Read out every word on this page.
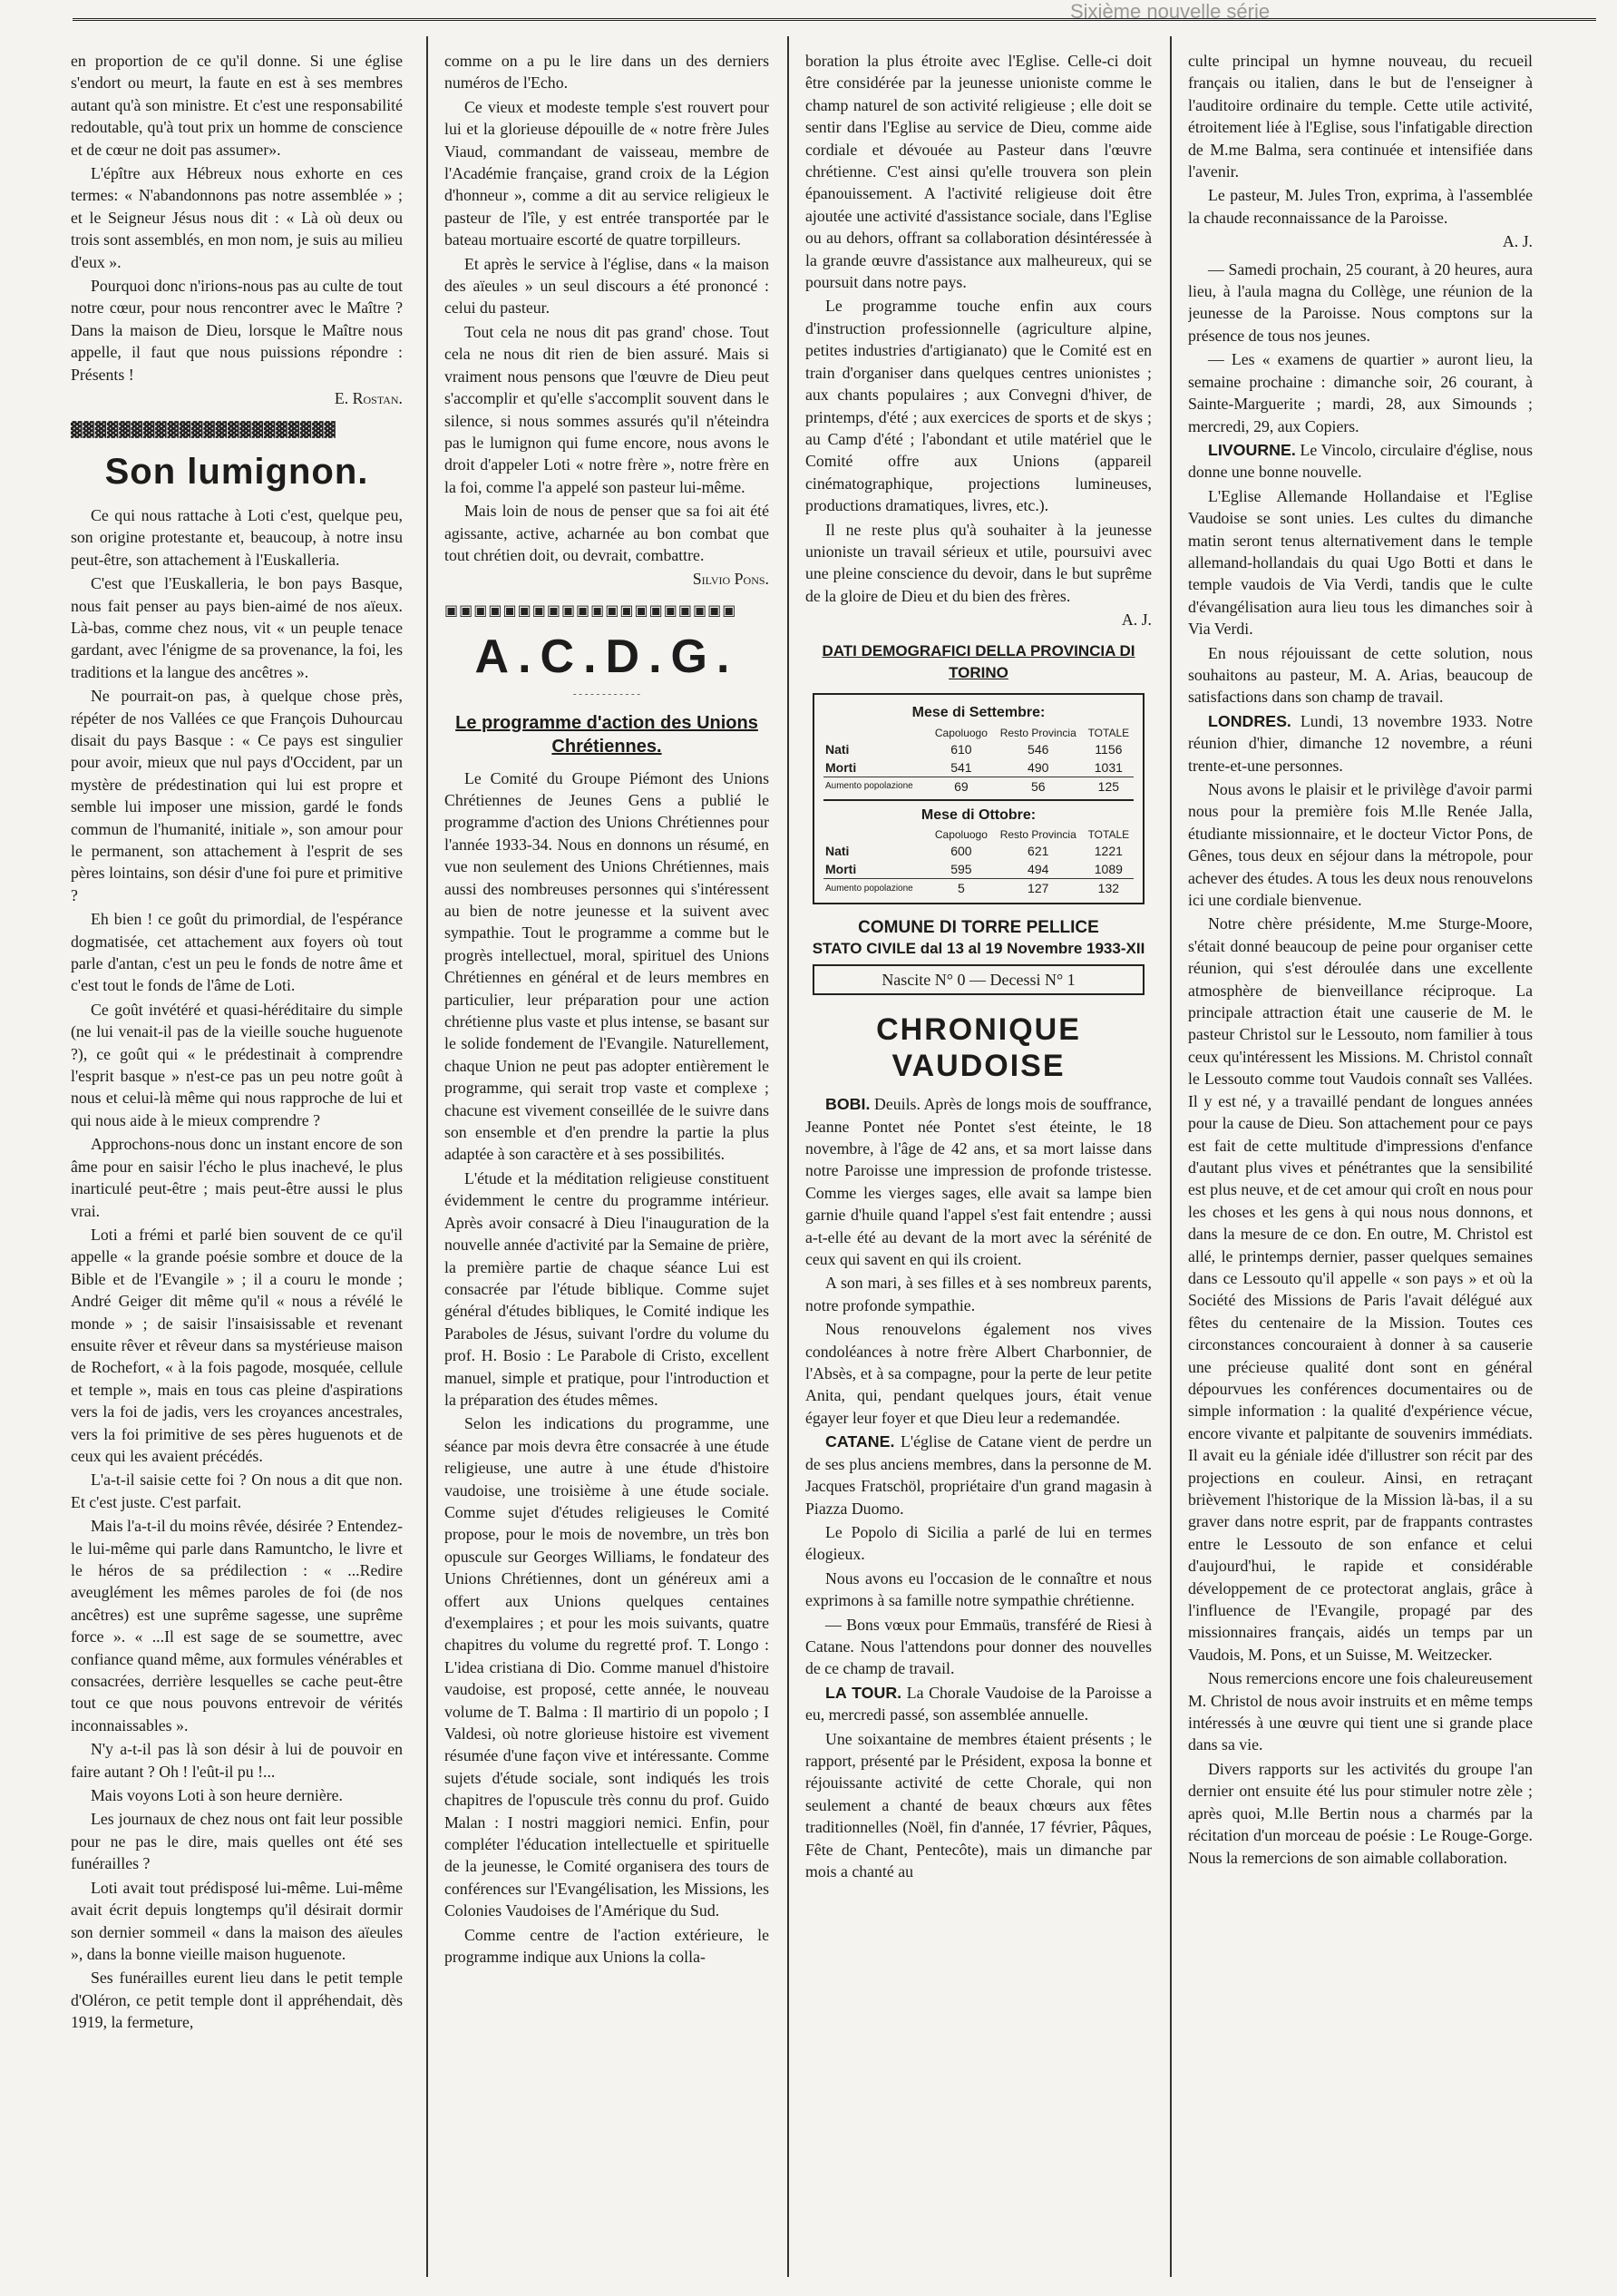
Sixième nouvelle série

en proportion de ce qu'il donne. Si une église s'endort ou meurt, la faute en est à ses membres autant qu'à son ministre. Et c'est une responsabilité redoutable, qu'à tout prix un homme de conscience et de cœur ne doit pas assumer».

L'épître aux Hébreux nous exhorte en ces termes: « N'abandonnons pas notre assemblée » ; et le Seigneur Jésus nous dit : « Là où deux ou trois sont assemblés, en mon nom, je suis au milieu d'eux ».

Pourquoi donc n'irions-nous pas au culte de tout notre cœur, pour nous rencontrer avec le Maître ? Dans la maison de Dieu, lorsque le Maître nous appelle, il faut que nous puissions répondre : Présents !

E. Rostan.
▓▓▓▓▓▓▓▓▓▓▓▓▓▓▓▓▓▓▓▓▓▓
Son lumignon.

Ce qui nous rattache à Loti c'est, quelque peu, son origine protestante et, beaucoup, à notre insu peut-être, son attachement à l'Euskalleria.

C'est que l'Euskalleria, le bon pays Basque, nous fait penser au pays bien-aimé de nos aïeux. Là-bas, comme chez nous, vit « un peuple tenace gardant, avec l'énigme de sa provenance, la foi, les traditions et la langue des ancêtres ».

Ne pourrait-on pas, à quelque chose près, répéter de nos Vallées ce que François Duhourcau disait du pays Basque : « Ce pays est singulier pour avoir, mieux que nul pays d'Occident, par un mystère de prédestination qui lui est propre et semble lui imposer une mission, gardé le fonds commun de l'humanité, initiale », son amour pour le permanent, son attachement à l'esprit de ses pères lointains, son désir d'une foi pure et primitive ?

Eh bien ! ce goût du primordial, de l'espérance dogmatisée, cet attachement aux foyers où tout parle d'antan, c'est un peu le fonds de notre âme et c'est tout le fonds de l'âme de Loti.

Ce goût invétéré et quasi-héréditaire du simple (ne lui venait-il pas de la vieille souche huguenote ?), ce goût qui « le prédestinait à comprendre l'esprit basque » n'est-ce pas un peu notre goût à nous et celui-là même qui nous rapproche de lui et qui nous aide à le mieux comprendre ?

Approchons-nous donc un instant encore de son âme pour en saisir l'écho le plus inachevé, le plus inarticulé peut-être ; mais peut-être aussi le plus vrai.

Loti a frémi et parlé bien souvent de ce qu'il appelle « la grande poésie sombre et douce de la Bible et de l'Evangile » ; il a couru le monde ; André Geiger dit même qu'il « nous a révélé le monde » ; de saisir l'insaisissable et revenant ensuite rêver et rêveur dans sa mystérieuse maison de Rochefort, « à la fois pagode, mosquée, cellule et temple », mais en tous cas pleine d'aspirations vers la foi de jadis, vers les croyances ancestrales, vers la foi primitive de ses pères huguenots et de ceux qui les avaient précédés.

L'a-t-il saisie cette foi ? On nous a dit que non. Et c'est juste. C'est parfait.

Mais l'a-t-il du moins rêvée, désirée ? Entendez-le lui-même qui parle dans Ramuntcho, le livre et le héros de sa prédilection : « ...Redire aveuglément les mêmes paroles de foi (de nos ancêtres) est une suprême sagesse, une suprême force ». « ...Il est sage de se soumettre, avec confiance quand même, aux formules vénérables et consacrées, derrière lesquelles se cache peut-être tout ce que nous pouvons entrevoir de vérités inconnaissables ».

N'y a-t-il pas là son désir à lui de pouvoir en faire autant ? Oh ! l'eût-il pu !...

Mais voyons Loti à son heure dernière.

Les journaux de chez nous ont fait leur possible pour ne pas le dire, mais quelles ont été ses funérailles ?

Loti avait tout prédisposé lui-même. Lui-même avait écrit depuis longtemps qu'il désirait dormir son dernier sommeil « dans la maison des aïeules », dans la bonne vieille maison huguenote.

Ses funérailles eurent lieu dans le petit temple d'Oléron, ce petit temple dont il appréhendait, dès 1919, la fermeture,

comme on a pu le lire dans un des derniers numéros de l'Echo.

Ce vieux et modeste temple s'est rouvert pour lui et la glorieuse dépouille de « notre frère Jules Viaud, commandant de vaisseau, membre de l'Académie française, grand croix de la Légion d'honneur », comme a dit au service religieux le pasteur de l'île, y est entrée transportée par le bateau mortuaire escorté de quatre torpilleurs.

Et après le service à l'église, dans « la maison des aïeules » un seul discours a été prononcé : celui du pasteur.

Tout cela ne nous dit pas grand' chose. Tout cela ne nous dit rien de bien assuré. Mais si vraiment nous pensons que l'œuvre de Dieu peut s'accomplir et qu'elle s'accomplit souvent dans le silence, si nous sommes assurés qu'il n'éteindra pas le lumignon qui fume encore, nous avons le droit d'appeler Loti « notre frère », notre frère en la foi, comme l'a appelé son pasteur lui-même.

Mais loin de nous de penser que sa foi ait été agissante, active, acharnée au bon combat que tout chrétien doit, ou devrait, combattre.

Silvio Pons.
▣▣▣▣▣▣▣▣▣▣▣▣▣▣▣▣▣▣▣▣
A.C.D.G.
- - - - - - - - - - - -
Le programme d'action des Unions Chrétiennes.

Le Comité du Groupe Piémont des Unions Chrétiennes de Jeunes Gens a publié le programme d'action des Unions Chrétiennes pour l'année 1933-34. Nous en donnons un résumé, en vue non seulement des Unions Chrétiennes, mais aussi des nombreuses personnes qui s'intéressent au bien de notre jeunesse et la suivent avec sympathie. Tout le programme a comme but le progrès intellectuel, moral, spirituel des Unions Chrétiennes en général et de leurs membres en particulier, leur préparation pour une action chrétienne plus vaste et plus intense, se basant sur le solide fondement de l'Evangile. Naturellement, chaque Union ne peut pas adopter entièrement le programme, qui serait trop vaste et complexe ; chacune est vivement conseillée de le suivre dans son ensemble et d'en prendre la partie la plus adaptée à son caractère et à ses possibilités.

L'étude et la méditation religieuse constituent évidemment le centre du programme intérieur. Après avoir consacré à Dieu l'inauguration de la nouvelle année d'activité par la Semaine de prière, la première partie de chaque séance Lui est consacrée par l'étude biblique. Comme sujet général d'études bibliques, le Comité indique les Paraboles de Jésus, suivant l'ordre du volume du prof. H. Bosio : Le Parabole di Cristo, excellent manuel, simple et pratique, pour l'introduction et la préparation des études mêmes.

Selon les indications du programme, une séance par mois devra être consacrée à une étude religieuse, une autre à une étude d'histoire vaudoise, une troisième à une étude sociale. Comme sujet d'études religieuses le Comité propose, pour le mois de novembre, un très bon opuscule sur Georges Williams, le fondateur des Unions Chrétiennes, dont un généreux ami a offert aux Unions quelques centaines d'exemplaires ; et pour les mois suivants, quatre chapitres du volume du regretté prof. T. Longo : L'idea cristiana di Dio. Comme manuel d'histoire vaudoise, est proposé, cette année, le nouveau volume de T. Balma : Il martirio di un popolo ; I Valdesi, où notre glorieuse histoire est vivement résumée d'une façon vive et intéressante. Comme sujets d'étude sociale, sont indiqués les trois chapitres de l'opuscule très connu du prof. Guido Malan : I nostri maggiori nemici. Enfin, pour compléter l'éducation intellectuelle et spirituelle de la jeunesse, le Comité organisera des tours de conférences sur l'Evangélisation, les Missions, les Colonies Vaudoises de l'Amérique du Sud.

Comme centre de l'action extérieure, le programme indique aux Unions la colla-

boration la plus étroite avec l'Eglise. Celle-ci doit être considérée par la jeunesse unioniste comme le champ naturel de son activité religieuse ; elle doit se sentir dans l'Eglise au service de Dieu, comme aide cordiale et dévouée au Pasteur dans l'œuvre chrétienne. C'est ainsi qu'elle trouvera son plein épanouissement. A l'activité religieuse doit être ajoutée une activité d'assistance sociale, dans l'Eglise ou au dehors, offrant sa collaboration désintéressée à la grande œuvre d'assistance aux malheureux, qui se poursuit dans notre pays.

Le programme touche enfin aux cours d'instruction professionnelle (agriculture alpine, petites industries d'artigianato) que le Comité est en train d'organiser dans quelques centres unionistes ; aux chants populaires ; aux Convegni d'hiver, de printemps, d'été ; aux exercices de sports et de skys ; au Camp d'été ; l'abondant et utile matériel que le Comité offre aux Unions (appareil cinématographique, projections lumineuses, productions dramatiques, livres, etc.).

Il ne reste plus qu'à souhaiter à la jeunesse unioniste un travail sérieux et utile, poursuivi avec une pleine conscience du devoir, dans le but suprême de la gloire de Dieu et du bien des frères.

A. J.
DATI DEMOGRAFICI DELLA PROVINCIA DI TORINO
Mese di Settembre:
	Capoluogo	Resto Provincia	TOTALE
Nati	610	546	1156
Morti	541	490	1031
Aumento popolazione	69	56	125
Mese di Ottobre:
	Capoluogo	Resto Provincia	TOTALE
Nati	600	621	1221
Morti	595	494	1089
Aumento popolazione	5	127	132
COMUNE DI TORRE PELLICE
STATO CIVILE dal 13 al 19 Novembre 1933-XII
Nascite N° 0 — Decessi N° 1
CHRONIQUE VAUDOISE

BOBI. Deuils. Après de longs mois de souffrance, Jeanne Pontet née Pontet s'est éteinte, le 18 novembre, à l'âge de 42 ans, et sa mort laisse dans notre Paroisse une impression de profonde tristesse. Comme les vierges sages, elle avait sa lampe bien garnie d'huile quand l'appel s'est fait entendre ; aussi a-t-elle été au devant de la mort avec la sérénité de ceux qui savent en qui ils croient.

A son mari, à ses filles et à ses nombreux parents, notre profonde sympathie.

Nous renouvelons également nos vives condoléances à notre frère Albert Charbonnier, de l'Absès, et à sa compagne, pour la perte de leur petite Anita, qui, pendant quelques jours, était venue égayer leur foyer et que Dieu leur a redemandée.

CATANE. L'église de Catane vient de perdre un de ses plus anciens membres, dans la personne de M. Jacques Fratschöl, propriétaire d'un grand magasin à Piazza Duomo.

Le Popolo di Sicilia a parlé de lui en termes élogieux.

Nous avons eu l'occasion de le connaître et nous exprimons à sa famille notre sympathie chrétienne.

— Bons vœux pour Emmaüs, transféré de Riesi à Catane. Nous l'attendons pour donner des nouvelles de ce champ de travail.

LA TOUR. La Chorale Vaudoise de la Paroisse a eu, mercredi passé, son assemblée annuelle.

Une soixantaine de membres étaient présents ; le rapport, présenté par le Président, exposa la bonne et réjouissante activité de cette Chorale, qui non seulement a chanté de beaux chœurs aux fêtes traditionnelles (Noël, fin d'année, 17 février, Pâques, Fête de Chant, Pentecôte), mais un dimanche par mois a chanté au

culte principal un hymne nouveau, du recueil français ou italien, dans le but de l'enseigner à l'auditoire ordinaire du temple. Cette utile activité, étroitement liée à l'Eglise, sous l'infatigable direction de M.me Balma, sera continuée et intensifiée dans l'avenir.

Le pasteur, M. Jules Tron, exprima, à l'assemblée la chaude reconnaissance de la Paroisse.

A. J.

— Samedi prochain, 25 courant, à 20 heures, aura lieu, à l'aula magna du Collège, une réunion de la jeunesse de la Paroisse. Nous comptons sur la présence de tous nos jeunes.

— Les « examens de quartier » auront lieu, la semaine prochaine : dimanche soir, 26 courant, à Sainte-Marguerite ; mardi, 28, aux Simounds ; mercredi, 29, aux Copiers.

LIVOURNE. Le Vincolo, circulaire d'église, nous donne une bonne nouvelle.

L'Eglise Allemande Hollandaise et l'Eglise Vaudoise se sont unies. Les cultes du dimanche matin seront tenus alternativement dans le temple allemand-hollandais du quai Ugo Botti et dans le temple vaudois de Via Verdi, tandis que le culte d'évangélisation aura lieu tous les dimanches soir à Via Verdi.

En nous réjouissant de cette solution, nous souhaitons au pasteur, M. A. Arias, beaucoup de satisfactions dans son champ de travail.

LONDRES. Lundi, 13 novembre 1933. Notre réunion d'hier, dimanche 12 novembre, a réuni trente-et-une personnes.

Nous avons le plaisir et le privilège d'avoir parmi nous pour la première fois M.lle Renée Jalla, étudiante missionnaire, et le docteur Victor Pons, de Gênes, tous deux en séjour dans la métropole, pour achever des études. A tous les deux nous renouvelons ici une cordiale bienvenue.

Notre chère présidente, M.me Sturge-Moore, s'était donné beaucoup de peine pour organiser cette réunion, qui s'est déroulée dans une excellente atmosphère de bienveillance réciproque. La principale attraction était une causerie de M. le pasteur Christol sur le Lessouto, nom familier à tous ceux qu'intéressent les Missions. M. Christol connaît le Lessouto comme tout Vaudois connaît ses Vallées. Il y est né, y a travaillé pendant de longues années pour la cause de Dieu. Son attachement pour ce pays est fait de cette multitude d'impressions d'enfance d'autant plus vives et pénétrantes que la sensibilité est plus neuve, et de cet amour qui croît en nous pour les choses et les gens à qui nous nous donnons, et dans la mesure de ce don. En outre, M. Christol est allé, le printemps dernier, passer quelques semaines dans ce Lessouto qu'il appelle « son pays » et où la Société des Missions de Paris l'avait délégué aux fêtes du centenaire de la Mission. Toutes ces circonstances concouraient à donner à sa causerie une précieuse qualité dont sont en général dépourvues les conférences documentaires ou de simple information : la qualité d'expérience vécue, encore vivante et palpitante de souvenirs immédiats. Il avait eu la géniale idée d'illustrer son récit par des projections en couleur. Ainsi, en retraçant brièvement l'historique de la Mission là-bas, il a su graver dans notre esprit, par de frappants contrastes entre le Lessouto de son enfance et celui d'aujourd'hui, le rapide et considérable développement de ce protectorat anglais, grâce à l'influence de l'Evangile, propagé par des missionnaires français, aidés un temps par un Vaudois, M. Pons, et un Suisse, M. Weitzecker.

Nous remercions encore une fois chaleureusement M. Christol de nous avoir instruits et en même temps intéressés à une œuvre qui tient une si grande place dans sa vie.

Divers rapports sur les activités du groupe l'an dernier ont ensuite été lus pour stimuler notre zèle ; après quoi, M.lle Bertin nous a charmés par la récitation d'un morceau de poésie : Le Rouge-Gorge. Nous la remercions de son aimable collaboration.
